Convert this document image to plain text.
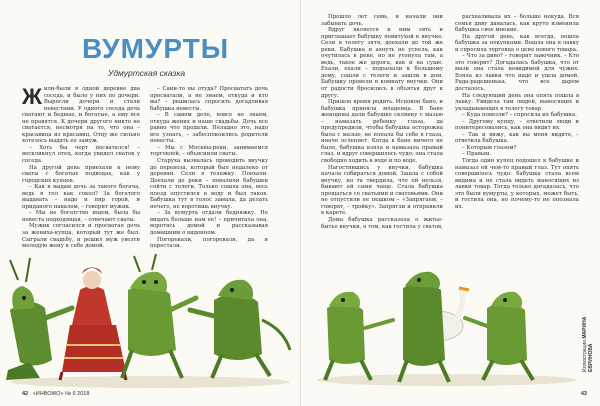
ВУМУРТЫ
Удмуртская сказка

Жили-были в одной деревне два соседа, и было у них по дочери. Выросли дочери и стали невестами. У одного соседа дочь сватают и бедные, и богатые, а ему все не нравятся. К дочери другого никто не сватается, несмотря на то, что она – красавица из красавиц. Отцу же сильно хотелось выдать ее замуж.

– Хоть бы черт посватался! – воскликнул отец, когда увидел сватов у соседа.

На другой день приехали к нему сваты с богатых подводах, как у городских купцов.

– Как я выдам дочь за такого богача, ведь я гол как сокол? За богатого выдавать – надо и пир горой, и приданого навалом, – говорит мужик.

– Мы не богатство ищем, была бы невеста подходящая, – отвечают сваты.

Мужик согласился и просватал дочь за жениха-купца, который тут же был. Сыграли свадьбу, и решил муж увезти молодую жену к себе домой.

– Сани-то вы отуда? Просватать дочь просватали, а не знаем, откуда и кто вы? – решилась спросить догадливая бабушка невесты.

– В самом деле, вовсе не знаем, откуда жених и наше свадьбы. Дочь все равно что продали. Неладно это, надо все узнать, – забеспокоились родители невесты.

– Мы с Москвы-реки, занимаемся торговлей, – объяснили сваты.

Старуха вызвалась проводить внучку до перевоза, который был недалеко от деревни. Сели в тележку. Поехали. Доехали до реки – повалили бабушки сойти с телеги. Только сошла она, весь поезд опустился в воду и был таков. Бабушка тут в голос завыла, да делать нечего, не воротишь внучку.

– За вумурта отдали бедняжку. Не видать больше нам ее! – причитала она, воротясь домой и рассказывая домашним о виденном.

Погоревали, погоревали, да и перестали.

42 «ИНВОЖО» № 6 2018

Прошло лет семь, и начали они забывать дочь.

Вдруг является к ним зять и приглашает бабушку повитухой к внучке. Сели в телегу зятя, доехали до той же реки. Бабушка и ахнуть не успела, как очутилась в реке, но не утонула там, а ведь, такое же дорога, как и на суше. Ехали, ехали – подъехали к большому дому, сошли с телеги и зашли в дом. Бабушку провели в комнату внучки. Они от радости бросились в объятья друг к другу.

Пришло время родить. Испокон бано, и бабушка приняла младенца. В бане женщины дали бабушке склянку с мазью – намазать ребенку глаза, да предупредили, чтобы бабушка осторожна была с мазью, не попала бы себе в глаза, иначе ослепнет. Когда в бане ничего не было, бабушка взяла и намазала правый глаз, и вдруг совершилось чудо: она стала свободно ходить в воде и по воде.

Нагостившись у внучки, бабушка начала собираться домой. Зашла с собой внучку, но та твердила, что ей нельзя, бывают ей сами чаще. Стала бабушка прощаться со сватьями и сватовьями. Они не отпустили ее пешком – «Запрягаем, – говорят, – тройку». Запрягли и отправили в карете.

Дома бабушка рассказала о житье-бытье внучки, о том, как гостила у сватов,

расхваливала их – больше некуда. Вся семья диву давалась, как круто изменила бабушка свое мнение.

На другой день, как всегда, пошла бабушка за покупками. Вошла она в лавку и спросила торговца о цене нового товара.

– Что за диво? – говорит лавочник. – Кто это говорит? Догадалась бабушка, что от мази она стала невидимой для чужих. Взяла из лавки что надо и ушла домой. Рада-радешенька, что все даром досталось.

На следующий день она опять пошла в лавку. Увидела там людей, выносящих и укладывающих в телегу товар.

– Куда повезли? – спросила их бабушка.

– Другому купцу, – ответили люди и поинтересовались, как она видит их.

– Так и вижу, как вы меня видите, – ответила бабушка.

– Которым глазом?

– Правым.

Тогда один купец подошел к бабушке и намазал ей чем-то правый глаз. Тут опять совершилось чудо: бабушка стала всем видима и не стала видеть выносящих из лавки товар. Тогда только догадалась, что это были вумурты, у которых, может быть, и гостила она, но почему-то не опознала их.

Иллюстрации МАРИНА ЕВРИНОВА
43
